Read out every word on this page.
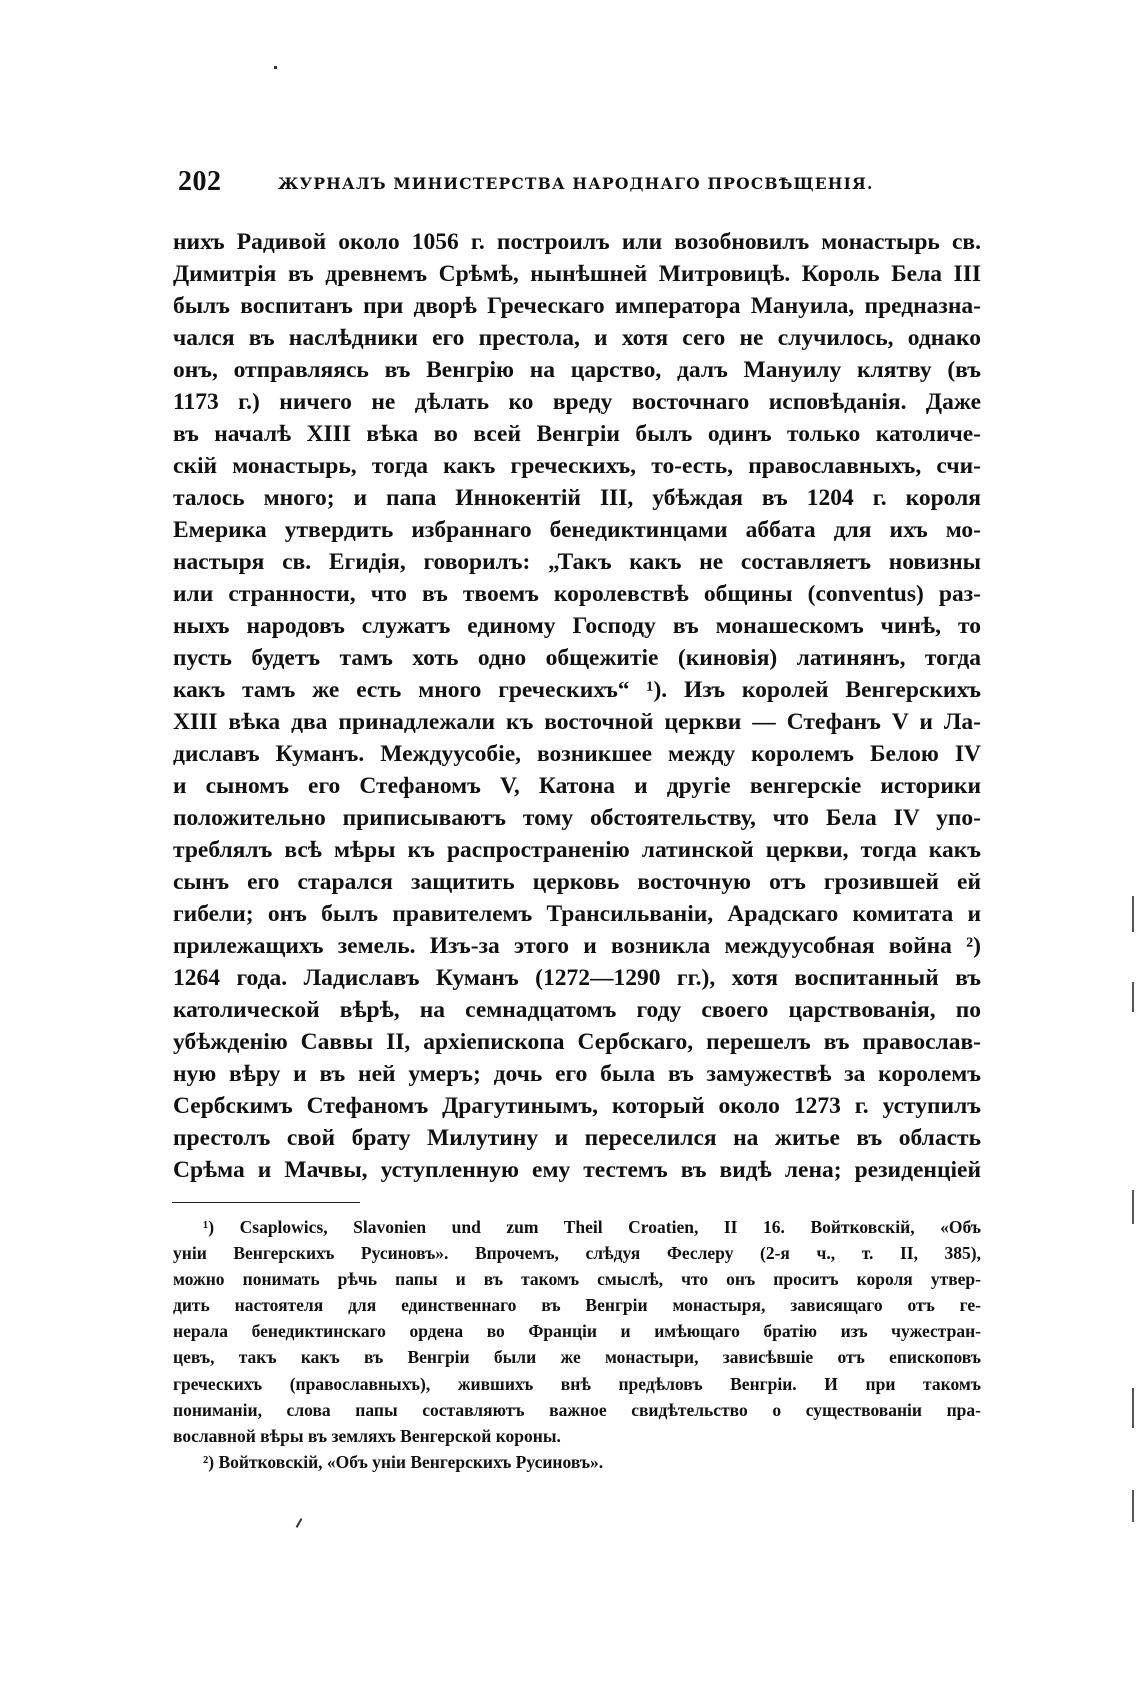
202	ЖУРНАЛЪ МИНИСТЕРСТВА НАРОДНАГО ПРОСВѢЩЕНІЯ.
нихъ Радивой около 1056 г. построилъ или возобновилъ монастырь св.
Димитрія въ древнемъ Срѣмѣ, нынѣшней Митровицѣ. Король Бела III
былъ воспитанъ при дворѣ Греческаго императора Мануила, предназна-
чался въ наслѣдники его престола, и хотя сего не случилось, однако
онъ, отправляясь въ Венгрію на царство, далъ Мануилу клятву (въ
1173 г.) ничего не дѣлать ко вреду восточнаго исповѣданія. Даже
въ началѣ XIII вѣка во всей Венгріи былъ одинъ только католиче-
скій монастырь, тогда какъ греческихъ, то-есть, православныхъ, счи-
талось много; и папа Иннокентій III, убѣждая въ 1204 г. короля
Емерика утвердить избраннаго бенедиктинцами аббата для ихъ мо-
настыря св. Егидія, говорилъ: „Такъ какъ не составляетъ новизны
или странности, что въ твоемъ королевствѣ общины (conventus) раз-
ныхъ народовъ служатъ единому Господу въ монашескомъ чинѣ, то
пусть будетъ тамъ хоть одно общежитіе (киновія) латинянъ, тогда
какъ тамъ же есть много греческихъ“ ¹). Изъ королей Венгерскихъ
XIII вѣка два принадлежали къ восточной церкви — Стефанъ V и Ла-
диславъ Куманъ. Междуусобіе, возникшее между королемъ Белою IV
и сыномъ его Стефаномъ V, Катона и другіе венгерскіе историки
положительно приписываютъ тому обстоятельству, что Бела IV упо-
треблялъ всѣ мѣры къ распространенію латинской церкви, тогда какъ
сынъ его старался защитить церковь восточную отъ грозившей ей
гибели; онъ былъ правителемъ Трансильваніи, Арадскаго комитата и
прилежащихъ земель. Изъ-за этого и возникла междуусобная война ²)
1264 года. Ладиславъ Куманъ (1272—1290 гг.), хотя воспитанный въ
католической вѣрѣ, на семнадцатомъ году своего царствованія, по
убѣжденію Саввы II, архіепископа Сербскаго, перешелъ въ православ-
ную вѣру и въ ней умеръ; дочь его была въ замужествѣ за королемъ
Сербскимъ Стефаномъ Драгутинымъ, который около 1273 г. уступилъ
престолъ свой брату Милутину и переселился на житье въ область
Срѣма и Мачвы, уступленную ему тестемъ въ видѣ лена; резиденціей
¹) Csaplowics, Slavonien und zum Theil Croatien, II 16. Войтковскій, «Объ
уніи Венгерскихъ Русиновъ». Впрочемъ, слѣдуя Феслеру (2-я ч., т. II, 385),
можно понимать рѣчь папы и въ такомъ смыслѣ, что онъ проситъ короля утвер-
дить настоятеля для единственнаго въ Венгріи монастыря, зависящаго отъ ге-
нерала бенедиктинскаго ордена во Франціи и имѣющаго братію изъ чужестран-
цевъ, такъ какъ въ Венгріи были же монастыри, зависѣвшіе отъ епископовъ
греческихъ (православныхъ), жившихъ внѣ предѣловъ Венгріи. И при такомъ
пониманіи, слова папы составляютъ важное свидѣтельство о существованіи пра-
вославной вѣры въ земляхъ Венгерской короны.
²) Войтковскій, «Объ уніи Венгерскихъ Русиновъ».
